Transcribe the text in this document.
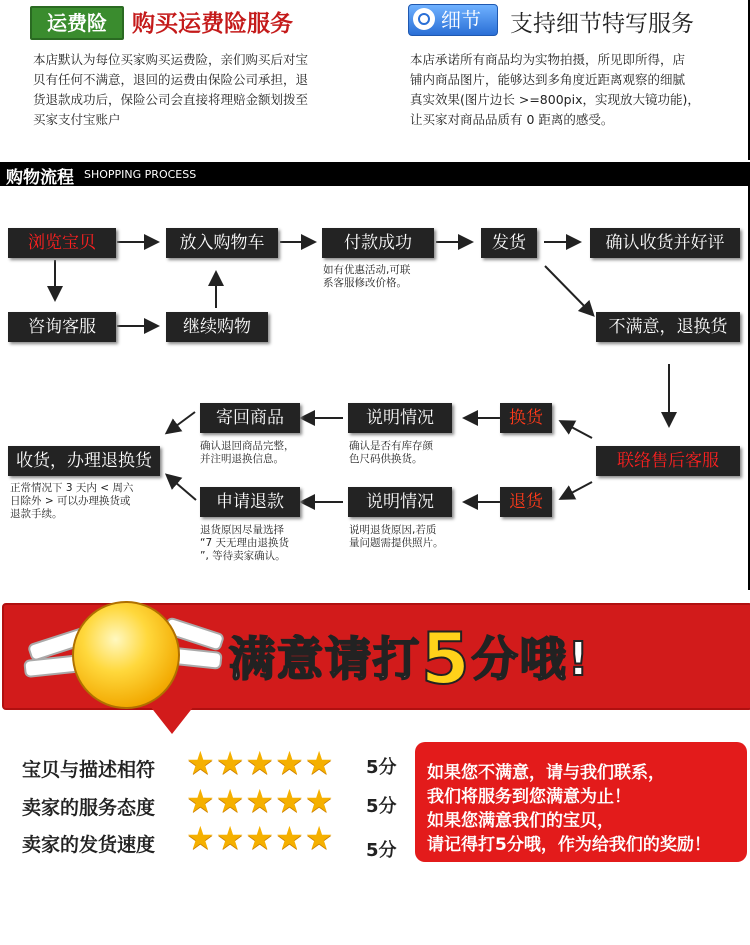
运费险	购买运费险服务
本店默认为每位买家购买运费险，亲们购买后对宝
贝有任何不满意，退回的运费由保险公司承担，退
货退款成功后，保险公司会直接将理赔金额划拨至
买家支付宝账户
细节 支持细节特写服务
本店承诺所有商品均为实物拍摄，所见即所得，店
铺内商品图片，能够达到多角度近距离观察的细腻
真实效果(图片边长 >=800pix，实现放大镜功能)，
让买家对商品品质有 0 距离的感受。
购物流程 SHOPPING PROCESS
浏览宝贝	放入购物车	付款成功	发货	确认收货并好评
如有优惠活动,可联
系客服修改价格。
咨询客服	继续购物	不满意，退换货
寄回商品	说明情况	换货
确认退回商品完整，
并注明退换信息。
确认是否有库存颜
色尺码供换货。
收货，办理退换货	联络售后客服
正常情况下 3 天内 < 周六
日除外 > 可以办理换货或
退款手续。
申请退款	说明情况	退货
退货原因尽量选择
“7 天无理由退换货
”, 等待卖家确认。
说明退货原因,若质
量问题需提供照片。
满意请打5分哦!
宝贝与描述相符 ★★★★★ 5分
卖家的服务态度 ★★★★★ 5分
卖家的发货速度 ★★★★★ 5分
如果您不满意，请与我们联系，
我们将服务到您满意为止！
如果您满意我们的宝贝，
请记得打5分哦，作为给我们的奖励！
